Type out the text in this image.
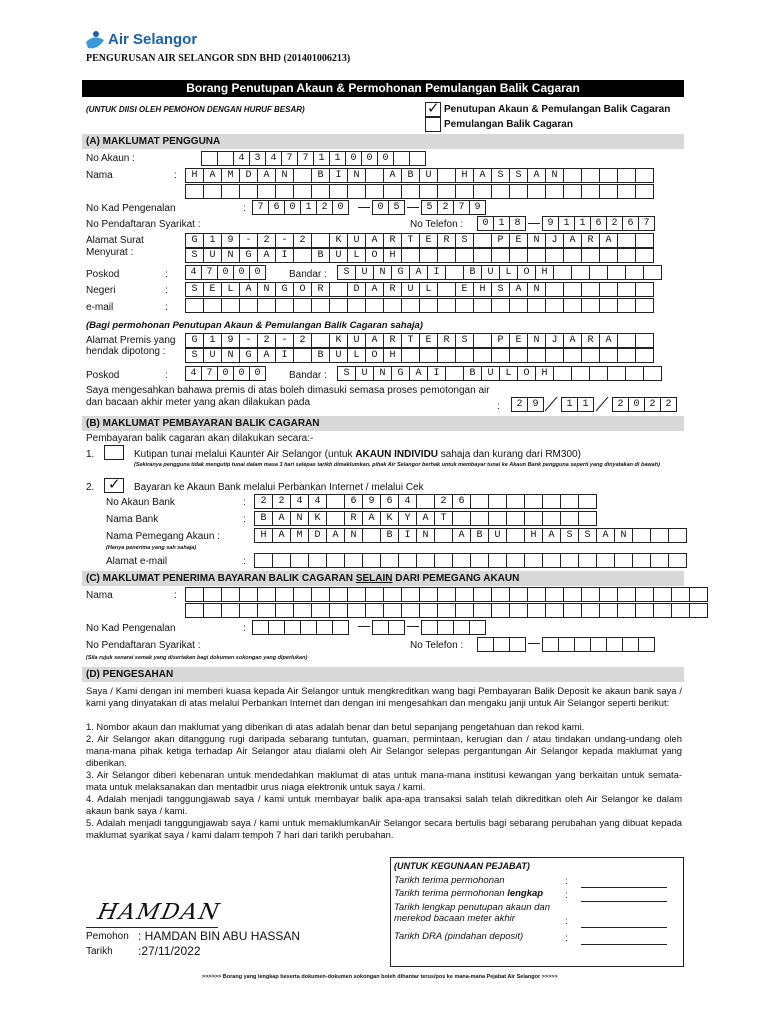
Air Selangor
PENGURUSAN AIR SELANGOR SDN BHD (201401006213)
Borang Penutupan Akaun & Permohonan Pemulangan Balik Cagaran
(UNTUK DIISI OLEH PEMOHON DENGAN HURUF BESAR)	✓ Penutupan Akaun & Pemulangan Balik Cagaran
Pemulangan Balik Cagaran
(A) MAKLUMAT PENGGUNA
No Akaun :	4 3 4 7 7 1 1 0 0 0
Nama	:	H	A	M	D	A	N	B	I	N	A	B	U	H	A	S	S	A	N
No Kad Pengenalan	:	7 6 0 1 2 0	0 5	5 2 7 9
No Pendaftaran Syarikat :	No Telefon :	0 1 8	9 1 1 6 2 6 7
Alamat Surat
Menyurat :
G	1	9	-	2	-	2	K	U	A	R	T	E	R	S	P	E	N	J	A	R	A
S	U	N	G	A	I	B	U	L	O	H
Poskod	:	4 7 0 0 0	Bandar :	S	U	N	G	A	I	B	U	L	O	H
Negeri	:	S	E	L	A	N	G	O	R	D	A	R	U	L	E	H	S	A	N
e-mail	:
(Bagi permohonan Penutupan Akaun & Pemulangan Balik Cagaran sahaja)
Alamat Premis yang
hendak dipotong :
G	1	9	-	2	-	2	K	U	A	R	T	E	R	S	P	E	N	J	A	R	A
S	U	N	G	A	I	B	U	L	O	H
Poskod	:	4 7 0 0 0	Bandar :	S	U	N	G	A	I	B	U	L	O	H
Saya mengesahkan bahawa premis di atas boleh dimasuki semasa proses pemotongan air
dan bacaan akhir meter yang akan dilakukan pada	:	2 9	1 1	2 0 2 2
(B) MAKLUMAT PEMBAYARAN BALIK CAGARAN
Pembayaran balik cagaran akan dilakukan secara:-
1.	Kutipan tunai melalui Kaunter Air Selangor (untuk AKAUN INDIVIDU sahaja dan kurang dari RM300)
(Sekiranya pengguna tidak mengutip tunai dalam masa 3 hari selepas tarikh dimaklumkan, pihak Air Selangor berhak untuk membayar tunai ke Akaun Bank pengguna seperti yang dinyatakan di bawah)
2. ✓ Bayaran ke Akaun Bank melalui Perbankan Internet / melalui Cek
No Akaun Bank	:	2	2	4	4	6	9	6	4	2	6
Nama Bank	:	B	A	N	K	R	A	K	Y	A	T
Nama Pemegang Akaun :	H	A	M	D	A	N	B	I	N	A	B	U	H	A	S	S	A	N
(Hanya penerima yang sah sahaja)
Alamat e-mail	:
(C) MAKLUMAT PENERIMA BAYARAN BALIK CAGARAN SELAIN DARI PEMEGANG AKAUN
Nama	:
No Kad Pengenalan	:
No Pendaftaran Syarikat :	No Telefon :
(Sila rujuk senarai semak yang disertakan bagi dokumen sokongan yang diperlukan)
(D) PENGESAHAN
Saya / Kami dengan ini memberi kuasa kepada Air Selangor untuk mengkreditkan wang bagi Pembayaran Balik Deposit ke akaun bank saya / kami yang dinyatakan di atas melalui Perbankan Internet dan dengan ini mengesahkan dan mengaku janji untuk Air Selangor seperti berikut:
1. Nombor akaun dan maklumat yang diberikan di atas adalah benar dan betul sepanjang pengetahuan dan rekod kami.
2. Air Selangor akan ditanggung rugi daripada sebarang tuntutan, guaman, permintaan, kerugian dan / atau tindakan undang-undang oleh mana-mana pihak ketiga terhadap Air Selangor atau dialami oleh Air Selangor selepas pergantungan Air Selangor kepada maklumat yang diberikan.
3. Air Selangor diberi kebenaran untuk mendedahkan maklumat di atas untuk mana-mana institusi kewangan yang berkaitan untuk semata-mata untuk melaksanakan dan mentadbir urus niaga elektronik untuk saya / kami.
4. Adalah menjadi tanggungjawab saya / kami untuk membayar balik apa-apa transaksi salah telah dikreditkan oleh Air Selangor ke dalam akaun bank saya / kami.
5. Adalah menjadi tanggungjawab saya / kami untuk memaklumkanAir Selangor secara bertulis bagi sebarang perubahan yang dibuat kepada maklumat syarikat saya / kami dalam tempoh 7 hari dari tarikh perubahan.
(UNTUK KEGUNAAN PEJABAT)
Tarikh terima permohonan
Tarikh terima permohonan lengkap
Tarikh lengkap penutupan akaun dan
merekod bacaan meter akhir
Tarikh DRA (pindahan deposit)
:
:
:
:
HAMDAN
Pemohon : HAMDAN BIN ABU HASSAN
Tarikh :27/11/2022
>>>>>> Borang yang lengkap beserta dokumen-dokumen sokongan boleh dihantar terus/pos ke mana-mana Pejabat Air Selangor >>>>>
